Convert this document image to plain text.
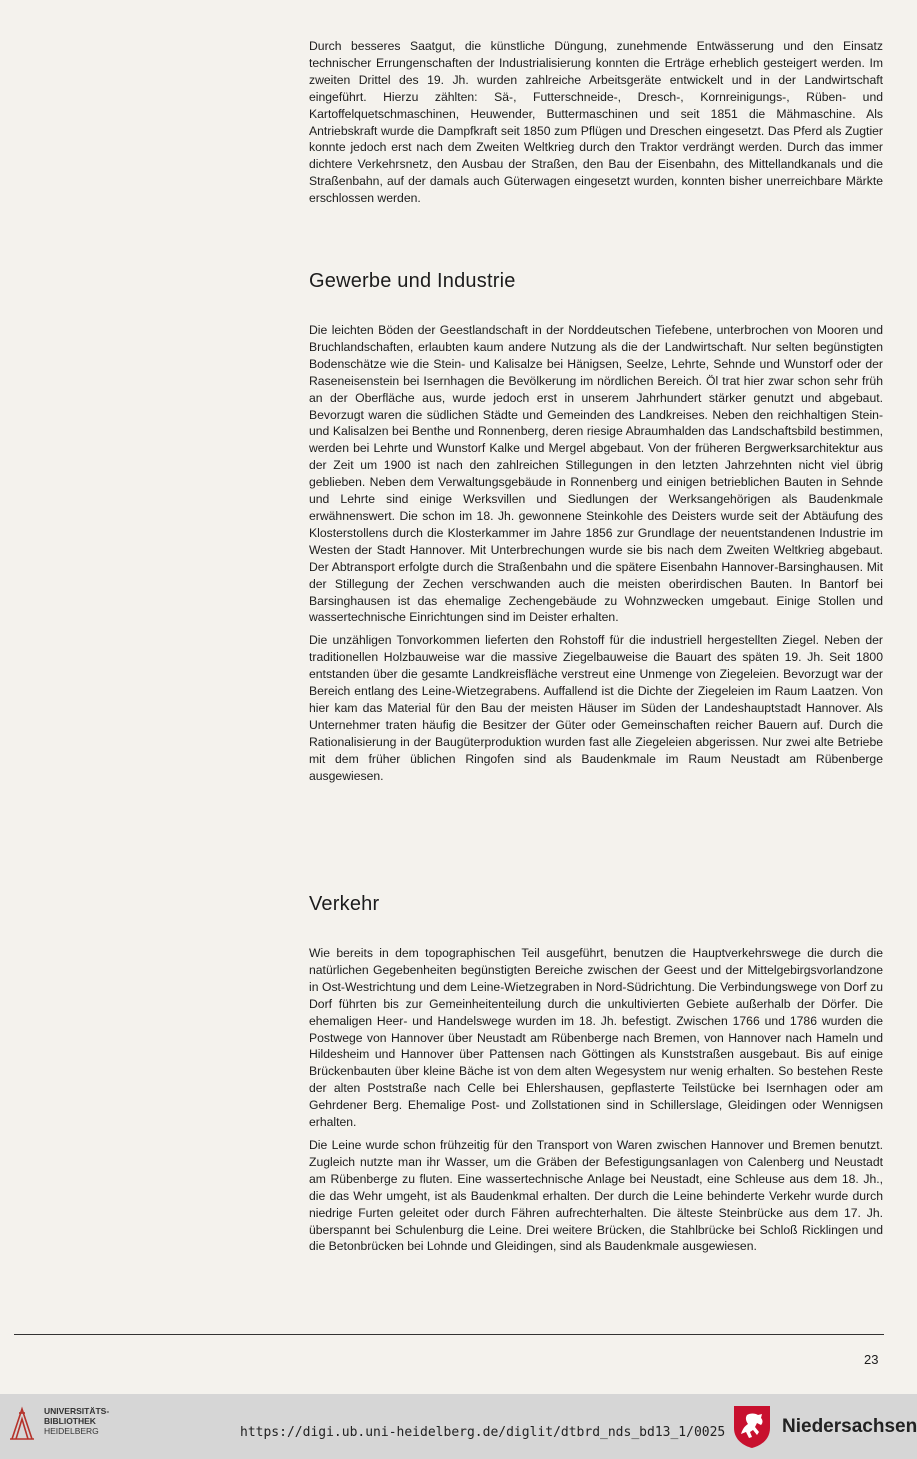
Durch besseres Saatgut, die künstliche Düngung, zunehmende Entwässerung und den Einsatz technischer Errungenschaften der Industrialisierung konnten die Erträge erheblich gesteigert werden. Im zweiten Drittel des 19. Jh. wurden zahlreiche Arbeitsgeräte entwickelt und in der Landwirtschaft eingeführt. Hierzu zählten: Sä-, Futterschneide-, Dresch-, Kornreinigungs-, Rüben- und Kartoffelquetschmaschinen, Heuwender, Buttermaschinen und seit 1851 die Mähmaschine. Als Antriebskraft wurde die Dampfkraft seit 1850 zum Pflügen und Dreschen eingesetzt. Das Pferd als Zugtier konnte jedoch erst nach dem Zweiten Weltkrieg durch den Traktor verdrängt werden. Durch das immer dichtere Verkehrsnetz, den Ausbau der Straßen, den Bau der Eisenbahn, des Mittellandkanals und die Straßenbahn, auf der damals auch Güterwagen eingesetzt wurden, konnten bisher unerreichbare Märkte erschlossen werden.

Gewerbe und Industrie

Die leichten Böden der Geestlandschaft in der Norddeutschen Tiefebene, unterbrochen von Mooren und Bruchlandschaften, erlaubten kaum andere Nutzung als die der Landwirtschaft. Nur selten begünstigten Bodenschätze wie die Stein- und Kalisalze bei Hänigsen, Seelze, Lehrte, Sehnde und Wunstorf oder der Raseneisenstein bei Isernhagen die Bevölkerung im nördlichen Bereich. Öl trat hier zwar schon sehr früh an der Oberfläche aus, wurde jedoch erst in unserem Jahrhundert stärker genutzt und abgebaut. Bevorzugt waren die südlichen Städte und Gemeinden des Landkreises. Neben den reichhaltigen Stein- und Kalisalzen bei Benthe und Ronnenberg, deren riesige Abraumhalden das Landschaftsbild bestimmen, werden bei Lehrte und Wunstorf Kalke und Mergel abgebaut. Von der früheren Bergwerksarchitektur aus der Zeit um 1900 ist nach den zahlreichen Stillegungen in den letzten Jahrzehnten nicht viel übrig geblieben. Neben dem Verwaltungsgebäude in Ronnenberg und einigen betrieblichen Bauten in Sehnde und Lehrte sind einige Werksvillen und Siedlungen der Werksangehörigen als Baudenkmale erwähnenswert. Die schon im 18. Jh. gewonnene Steinkohle des Deisters wurde seit der Abtäufung des Klosterstollens durch die Klosterkammer im Jahre 1856 zur Grundlage der neuentstandenen Industrie im Westen der Stadt Hannover. Mit Unterbrechungen wurde sie bis nach dem Zweiten Weltkrieg abgebaut. Der Abtransport erfolgte durch die Straßenbahn und die spätere Eisenbahn Hannover-Barsinghausen. Mit der Stillegung der Zechen verschwanden auch die meisten oberirdischen Bauten. In Bantorf bei Barsinghausen ist das ehemalige Zechengebäude zu Wohnzwecken umgebaut. Einige Stollen und wassertechnische Einrichtungen sind im Deister erhalten.

Die unzähligen Tonvorkommen lieferten den Rohstoff für die industriell hergestellten Ziegel. Neben der traditionellen Holzbauweise war die massive Ziegelbauweise die Bauart des späten 19. Jh. Seit 1800 entstanden über die gesamte Landkreisfläche verstreut eine Unmenge von Ziegeleien. Bevorzugt war der Bereich entlang des Leine-Wietzegrabens. Auffallend ist die Dichte der Ziegeleien im Raum Laatzen. Von hier kam das Material für den Bau der meisten Häuser im Süden der Landeshauptstadt Hannover. Als Unternehmer traten häufig die Besitzer der Güter oder Gemeinschaften reicher Bauern auf. Durch die Rationalisierung in der Baugüterproduktion wurden fast alle Ziegeleien abgerissen. Nur zwei alte Betriebe mit dem früher üblichen Ringofen sind als Baudenkmale im Raum Neustadt am Rübenberge ausgewiesen.

Verkehr

Wie bereits in dem topographischen Teil ausgeführt, benutzen die Hauptverkehrswege die durch die natürlichen Gegebenheiten begünstigten Bereiche zwischen der Geest und der Mittelgebirgsvorlandzone in Ost-Westrichtung und dem Leine-Wietzegraben in Nord-Südrichtung. Die Verbindungswege von Dorf zu Dorf führten bis zur Gemeinheitenteilung durch die unkultivierten Gebiete außerhalb der Dörfer. Die ehemaligen Heer- und Handelswege wurden im 18. Jh. befestigt. Zwischen 1766 und 1786 wurden die Postwege von Hannover über Neustadt am Rübenberge nach Bremen, von Hannover nach Hameln und Hildesheim und Hannover über Pattensen nach Göttingen als Kunststraßen ausgebaut. Bis auf einige Brückenbauten über kleine Bäche ist von dem alten Wegesystem nur wenig erhalten. So bestehen Reste der alten Poststraße nach Celle bei Ehlershausen, gepflasterte Teilstücke bei Isernhagen oder am Gehrdener Berg. Ehemalige Post- und Zollstationen sind in Schillerslage, Gleidingen oder Wennigsen erhalten.

Die Leine wurde schon frühzeitig für den Transport von Waren zwischen Hannover und Bremen benutzt. Zugleich nutzte man ihr Wasser, um die Gräben der Befestigungsanlagen von Calenberg und Neustadt am Rübenberge zu fluten. Eine wassertechnische Anlage bei Neustadt, eine Schleuse aus dem 18. Jh., die das Wehr umgeht, ist als Baudenkmal erhalten. Der durch die Leine behinderte Verkehr wurde durch niedrige Furten geleitet oder durch Fähren aufrechterhalten. Die älteste Steinbrücke aus dem 17. Jh. überspannt bei Schulenburg die Leine. Drei weitere Brücken, die Stahlbrücke bei Schloß Ricklingen und die Betonbrücken bei Lohnde und Gleidingen, sind als Baudenkmale ausgewiesen.

23
UNIVERSITÄTS-
BIBLIOTHEK
HEIDELBERG	https://digi.ub.uni-heidelberg.de/diglit/dtbrd_nds_bd13_1/0025	Niedersachsen
